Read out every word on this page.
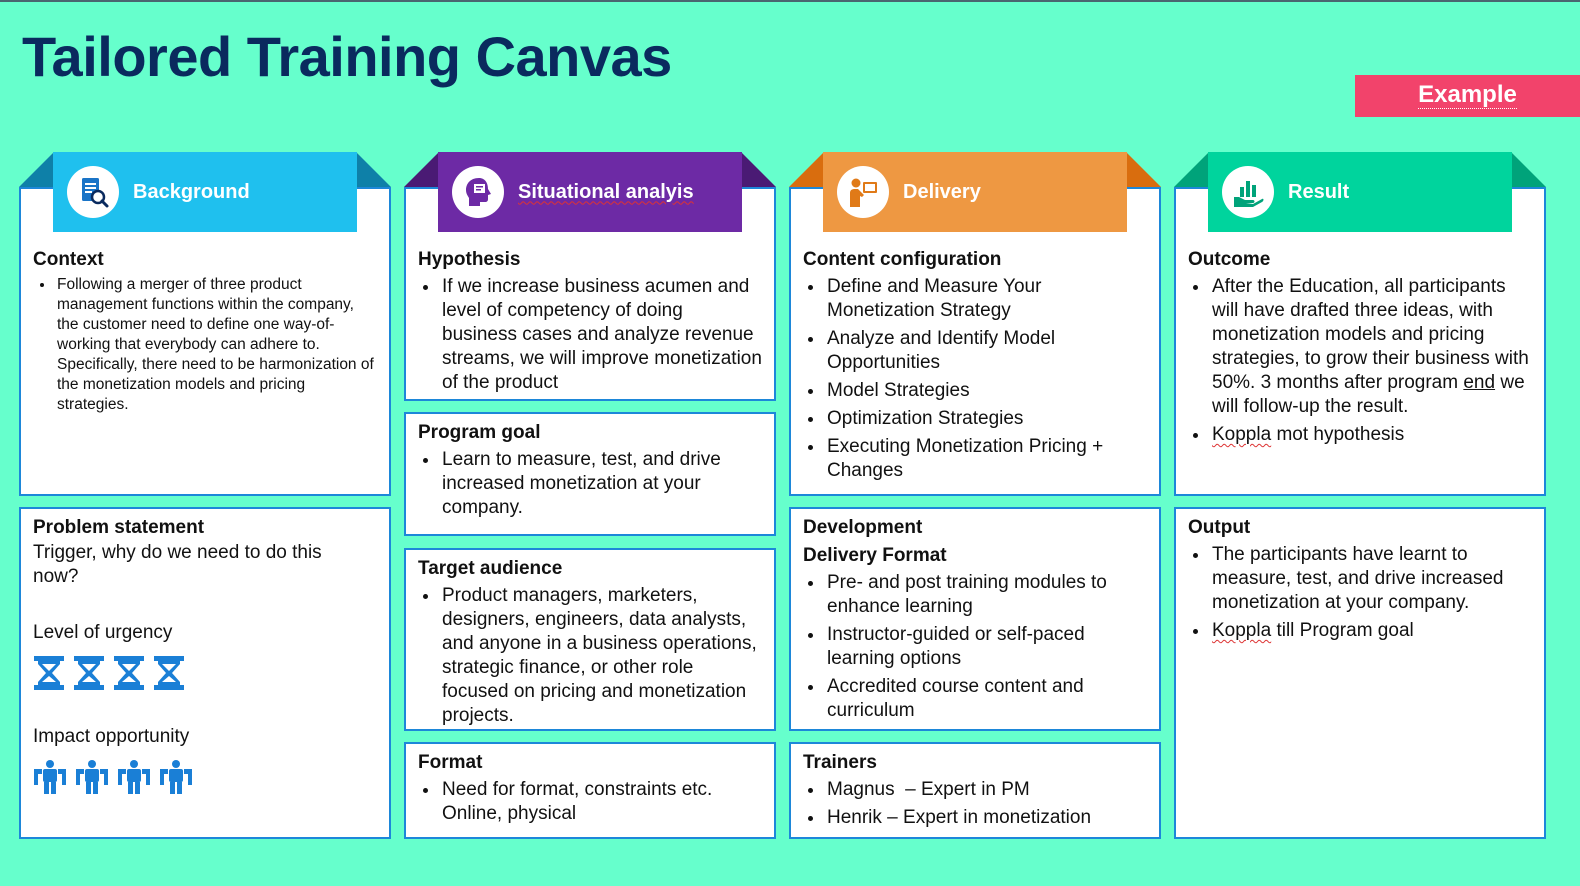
Tailored Training Canvas
Example
Context
• Following a merger of three product management functions within the company, the customer need to define one way-of-working that everybody can adhere to. Specifically, there need to be harmonization of the monetization models and pricing strategies.
Background
Problem statement

Trigger, why do we need to do this now?

Level of urgency

Impact opportunity

Hypothesis
• If we increase business acumen and level of competency of doing business cases and analyze revenue streams, we will improve monetization of the product
Situational analyis
Program goal
• Learn to measure, test, and drive increased monetization at your company.
Target audience
• Product managers, marketers, designers, engineers, data analysts, and anyone in a business operations, strategic finance, or other role focused on pricing and monetization projects.
Format
• Need for format, constraints etc. Online, physical
Content configuration
• Define and Measure Your Monetization Strategy
• Analyze and Identify Model Opportunities
• Model Strategies
• Optimization Strategies
• Executing Monetization Pricing + Changes
Delivery
Development
Delivery Format
• Pre- and post training modules to enhance learning
• Instructor-guided or self-paced learning options
• Accredited course content and curriculum
Trainers
• Magnus  – Expert in PM
• Henrik – Expert in monetization
Outcome
• After the Education, all participants will have drafted three ideas, with monetization models and pricing strategies, to grow their business with 50%. 3 months after program end we will follow-up the result.
• Koppla mot hypothesis
Result
Output
• The participants have learnt to measure, test, and drive increased monetization at your company.
• Koppla till Program goal
